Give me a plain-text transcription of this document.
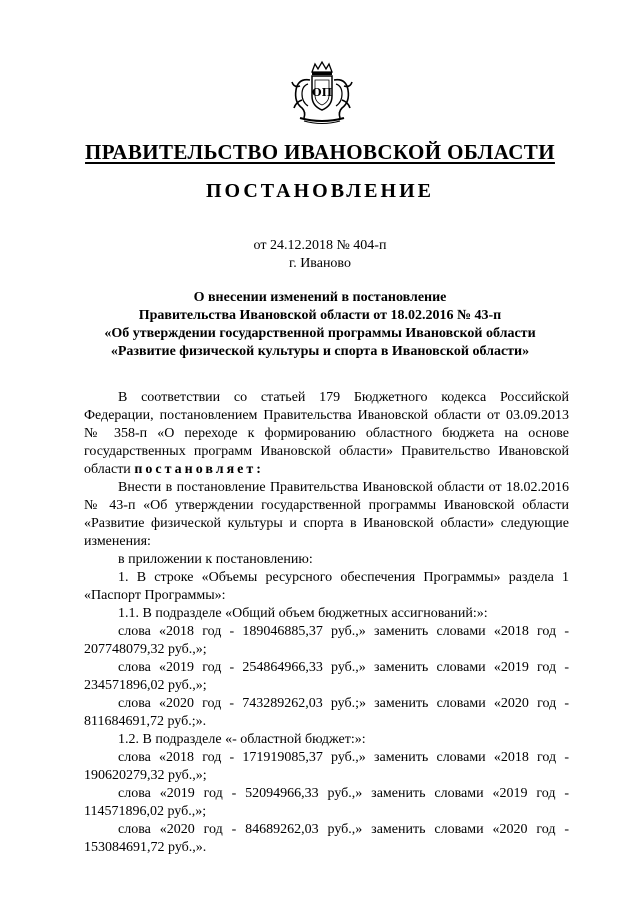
ОП
ПРАВИТЕЛЬСТВО ИВАНОВСКОЙ ОБЛАСТИ
ПОСТАНОВЛЕНИЕ
от 24.12.2018 № 404-п
г. Иваново
О внесении изменений в постановление
Правительства Ивановской области от 18.02.2016 № 43-п
«Об утверждении государственной программы Ивановской области
«Развитие физической культуры и спорта в Ивановской области»

В соответствии со статьей 179 Бюджетного кодекса Российской Федерации, постановлением Правительства Ивановской области от 03.09.2013 № 358-п «О переходе к формированию областного бюджета на основе государственных программ Ивановской области» Правительство Ивановской области постановляет:

Внести в постановление Правительства Ивановской области от 18.02.2016 № 43-п «Об утверждении государственной программы Ивановской области «Развитие физической культуры и спорта в Ивановской области» следующие изменения:

в приложении к постановлению:

1. В строке «Объемы ресурсного обеспечения Программы» раздела 1 «Паспорт Программы»:

1.1. В подразделе «Общий объем бюджетных ассигнований:»:

слова «2018 год - 189046885,37 руб.,» заменить словами «2018 год - 207748079,32 руб.,»;

слова «2019 год - 254864966,33 руб.,» заменить словами «2019 год - 234571896,02 руб.,»;

слова «2020 год - 743289262,03 руб.;» заменить словами «2020 год - 811684691,72 руб.;».

1.2. В подразделе «- областной бюджет:»:

слова «2018 год - 171919085,37 руб.,» заменить словами «2018 год - 190620279,32 руб.,»;

слова «2019 год - 52094966,33 руб.,» заменить словами «2019 год - 114571896,02 руб.,»;

слова «2020 год - 84689262,03 руб.,» заменить словами «2020 год - 153084691,72 руб.,».
